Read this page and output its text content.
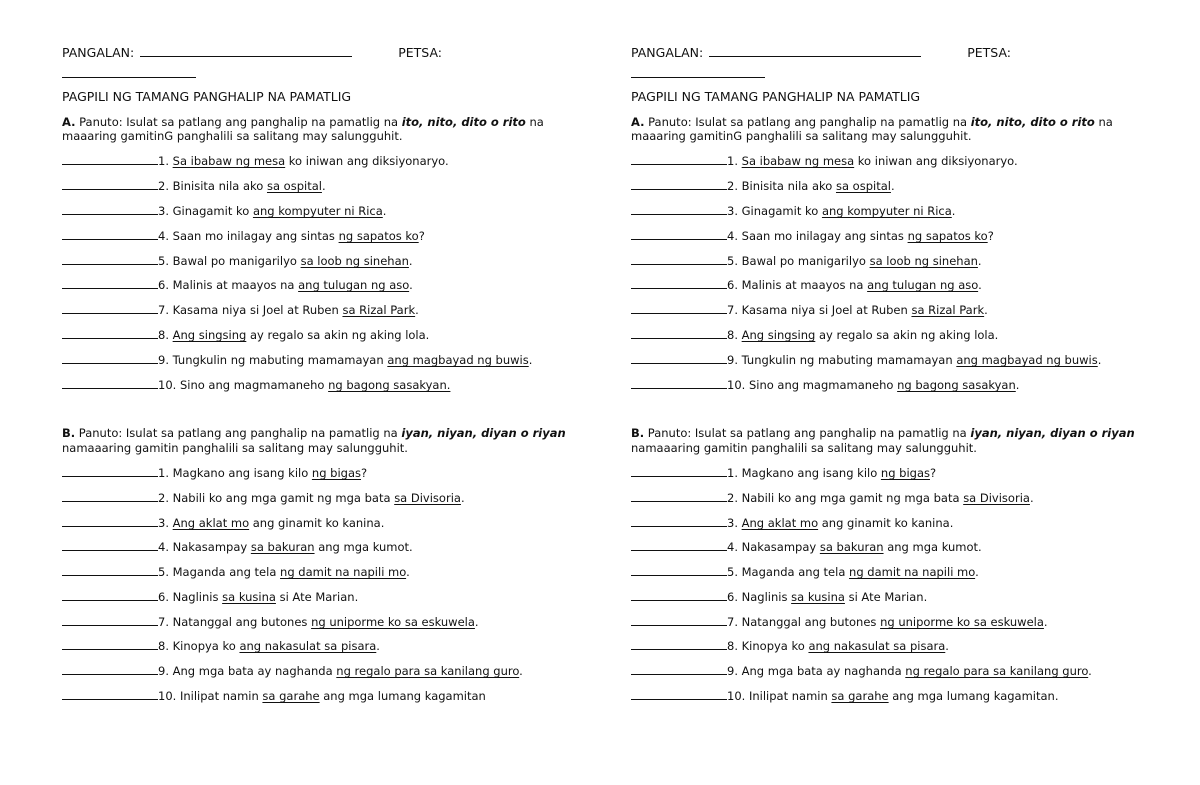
PANGALAN:	PETSA:
PAGPILI NG TAMANG PANGHALIP NA PAMATLIG
A. Panuto: Isulat sa patlang ang panghalip na pamatlig na ito, nito, dito o rito na
maaaring gamitinG panghalili sa salitang may salungguhit.
1. Sa ibabaw ng mesa ko iniwan ang diksiyonaryo.
2. Binisita nila ako sa ospital.
3. Ginagamit ko ang kompyuter ni Rica.
4. Saan mo inilagay ang sintas ng sapatos ko?
5. Bawal po manigarilyo sa loob ng sinehan.
6. Malinis at maayos na ang tulugan ng aso.
7. Kasama niya si Joel at Ruben sa Rizal Park.
8. Ang singsing ay regalo sa akin ng aking lola.
9. Tungkulin ng mabuting mamamayan ang magbayad ng buwis.
10. Sino ang magmamaneho ng bagong sasakyan.
B. Panuto: Isulat sa patlang ang panghalip na pamatlig na iyan, niyan, diyan o riyan
namaaaring gamitin panghalili sa salitang may salungguhit.
1. Magkano ang isang kilo ng bigas?
2. Nabili ko ang mga gamit ng mga bata sa Divisoria.
3. Ang aklat mo ang ginamit ko kanina.
4. Nakasampay sa bakuran ang mga kumot.
5. Maganda ang tela ng damit na napili mo.
6. Naglinis sa kusina si Ate Marian.
7. Natanggal ang butones ng uniporme ko sa eskuwela.
8. Kinopya ko ang nakasulat sa pisara.
9. Ang mga bata ay naghanda ng regalo para sa kanilang guro.
10. Inilipat namin sa garahe ang mga lumang kagamitan
PANGALAN:	PETSA:
PAGPILI NG TAMANG PANGHALIP NA PAMATLIG
A. Panuto: Isulat sa patlang ang panghalip na pamatlig na ito, nito, dito o rito na
maaaring gamitinG panghalili sa salitang may salungguhit.
1. Sa ibabaw ng mesa ko iniwan ang diksiyonaryo.
2. Binisita nila ako sa ospital.
3. Ginagamit ko ang kompyuter ni Rica.
4. Saan mo inilagay ang sintas ng sapatos ko?
5. Bawal po manigarilyo sa loob ng sinehan.
6. Malinis at maayos na ang tulugan ng aso.
7. Kasama niya si Joel at Ruben sa Rizal Park.
8. Ang singsing ay regalo sa akin ng aking lola.
9. Tungkulin ng mabuting mamamayan ang magbayad ng buwis.
10. Sino ang magmamaneho ng bagong sasakyan.
B. Panuto: Isulat sa patlang ang panghalip na pamatlig na iyan, niyan, diyan o riyan
namaaaring gamitin panghalili sa salitang may salungguhit.
1. Magkano ang isang kilo ng bigas?
2. Nabili ko ang mga gamit ng mga bata sa Divisoria.
3. Ang aklat mo ang ginamit ko kanina.
4. Nakasampay sa bakuran ang mga kumot.
5. Maganda ang tela ng damit na napili mo.
6. Naglinis sa kusina si Ate Marian.
7. Natanggal ang butones ng uniporme ko sa eskuwela.
8. Kinopya ko ang nakasulat sa pisara.
9. Ang mga bata ay naghanda ng regalo para sa kanilang guro.
10. Inilipat namin sa garahe ang mga lumang kagamitan.
